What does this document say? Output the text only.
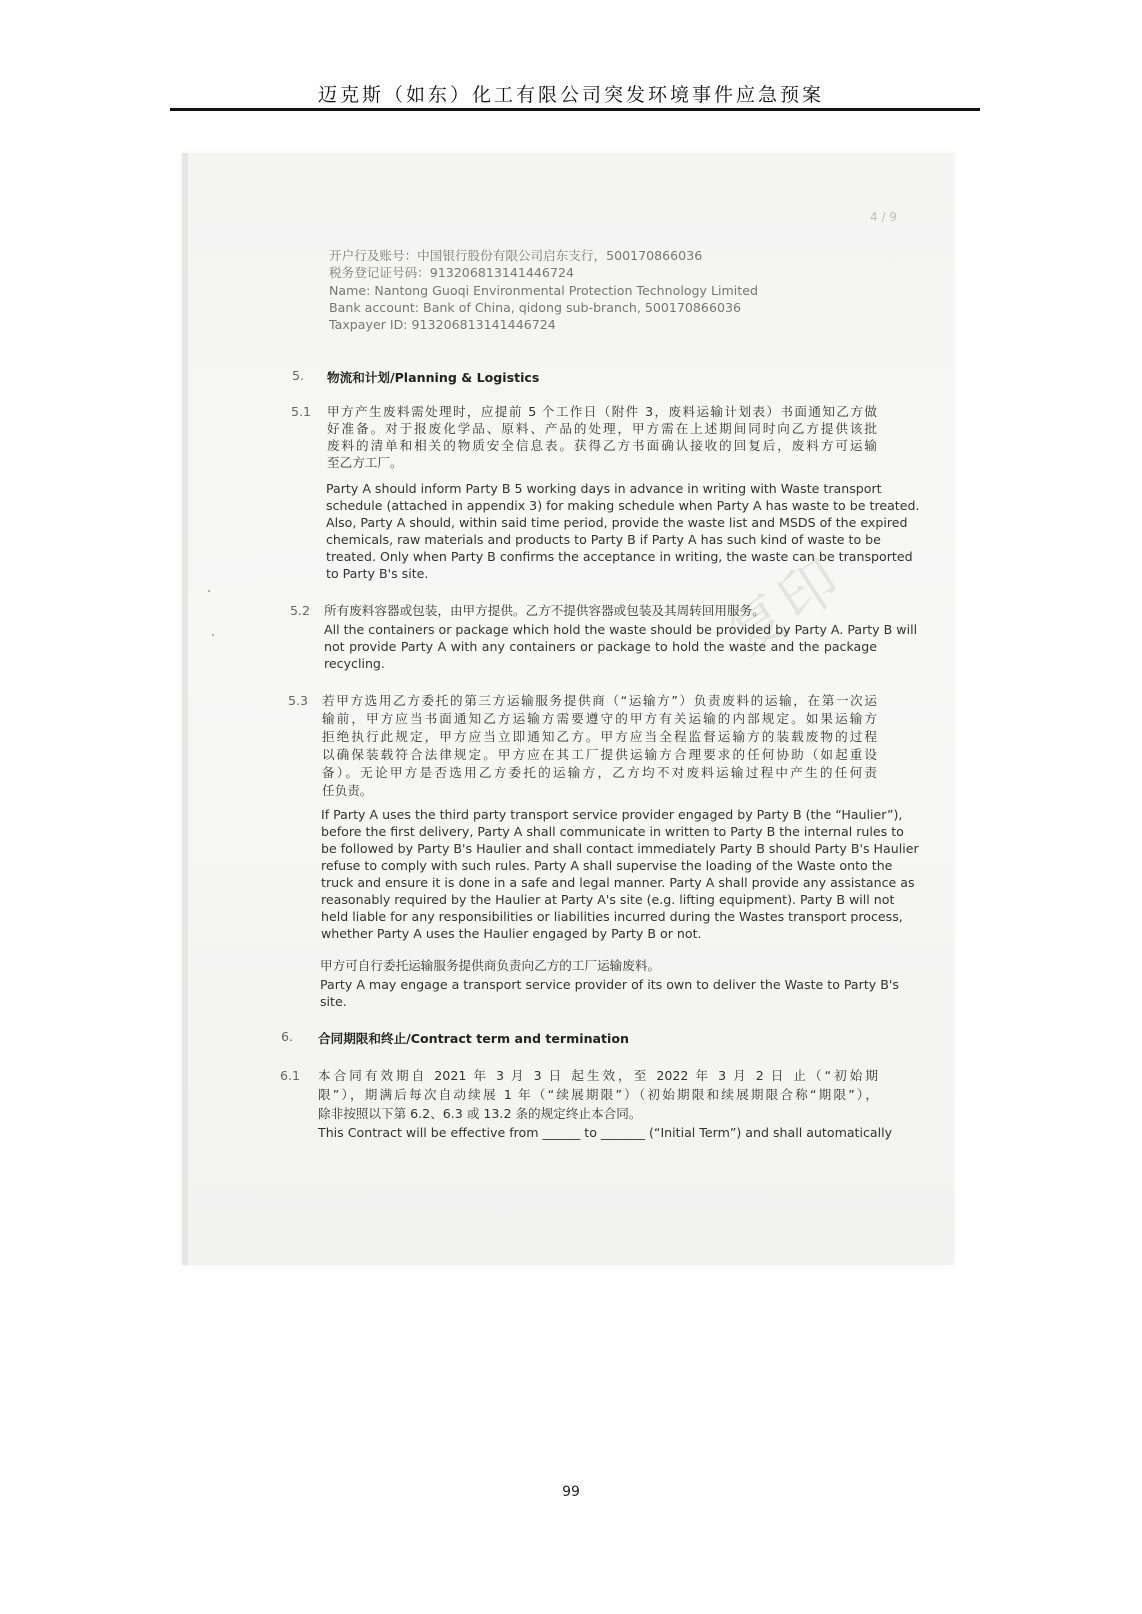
迈克斯（如东）化工有限公司突发环境事件应急预案
复印
4 / 9
开户行及账号：中国银行股份有限公司启东支行，500170866036
税务登记证号码：913206813141446724
Name: Nantong Guoqi Environmental Protection Technology Limited
Bank account: Bank of China, qidong sub-branch, 500170866036
Taxpayer ID: 913206813141446724
5. 物流和计划/Planning & Logistics
5.1 甲方产生废料需处理时，应提前 5 个工作日（附件 3，废料运输计划表）书面通知乙方做
好准备。对于报废化学品、原料、产品的处理，甲方需在上述期间同时向乙方提供该批
废料的清单和相关的物质安全信息表。获得乙方书面确认接收的回复后，废料方可运输
至乙方工厂。
Party A should inform Party B 5 working days in advance in writing with Waste transport
schedule (attached in appendix 3) for making schedule when Party A has waste to be treated.
Also, Party A should, within said time period, provide the waste list and MSDS of the expired
chemicals, raw materials and products to Party B if Party A has such kind of waste to be
treated. Only when Party B confirms the acceptance in writing, the waste can be transported
to Party B's site.
5.2 所有废料容器或包装，由甲方提供。乙方不提供容器或包装及其周转回用服务。
All the containers or package which hold the waste should be provided by Party A. Party B will
not provide Party A with any containers or package to hold the waste and the package
recycling.
5.3 若甲方选用乙方委托的第三方运输服务提供商（“运输方”）负责废料的运输，在第一次运
输前，甲方应当书面通知乙方运输方需要遵守的甲方有关运输的内部规定。如果运输方
拒绝执行此规定，甲方应当立即通知乙方。甲方应当全程监督运输方的装载废物的过程
以确保装载符合法律规定。甲方应在其工厂提供运输方合理要求的任何协助（如起重设
备）。无论甲方是否选用乙方委托的运输方，乙方均不对废料运输过程中产生的任何责
任负责。
If Party A uses the third party transport service provider engaged by Party B (the “Haulier”),
before the first delivery, Party A shall communicate in written to Party B the internal rules to
be followed by Party B's Haulier and shall contact immediately Party B should Party B's Haulier
refuse to comply with such rules. Party A shall supervise the loading of the Waste onto the
truck and ensure it is done in a safe and legal manner. Party A shall provide any assistance as
reasonably required by the Haulier at Party A's site (e.g. lifting equipment). Party B will not
held liable for any responsibilities or liabilities incurred during the Wastes transport process,
whether Party A uses the Haulier engaged by Party B or not.
甲方可自行委托运输服务提供商负责向乙方的工厂运输废料。
Party A may engage a transport service provider of its own to deliver the Waste to Party B's
site.
6. 合同期限和终止/Contract term and termination
6.1 本合同有效期自 2021 年 3 月 3 日 起生效，至 2022 年 3 月 2 日 止（“初始期
限”），期满后每次自动续展 1 年（“续展期限”）（初始期限和续展期限合称“期限”），
除非按照以下第 6.2、6.3 或 13.2 条的规定终止本合同。
This Contract will be effective from ______ to _______ (“Initial Term”) and shall automatically
99
